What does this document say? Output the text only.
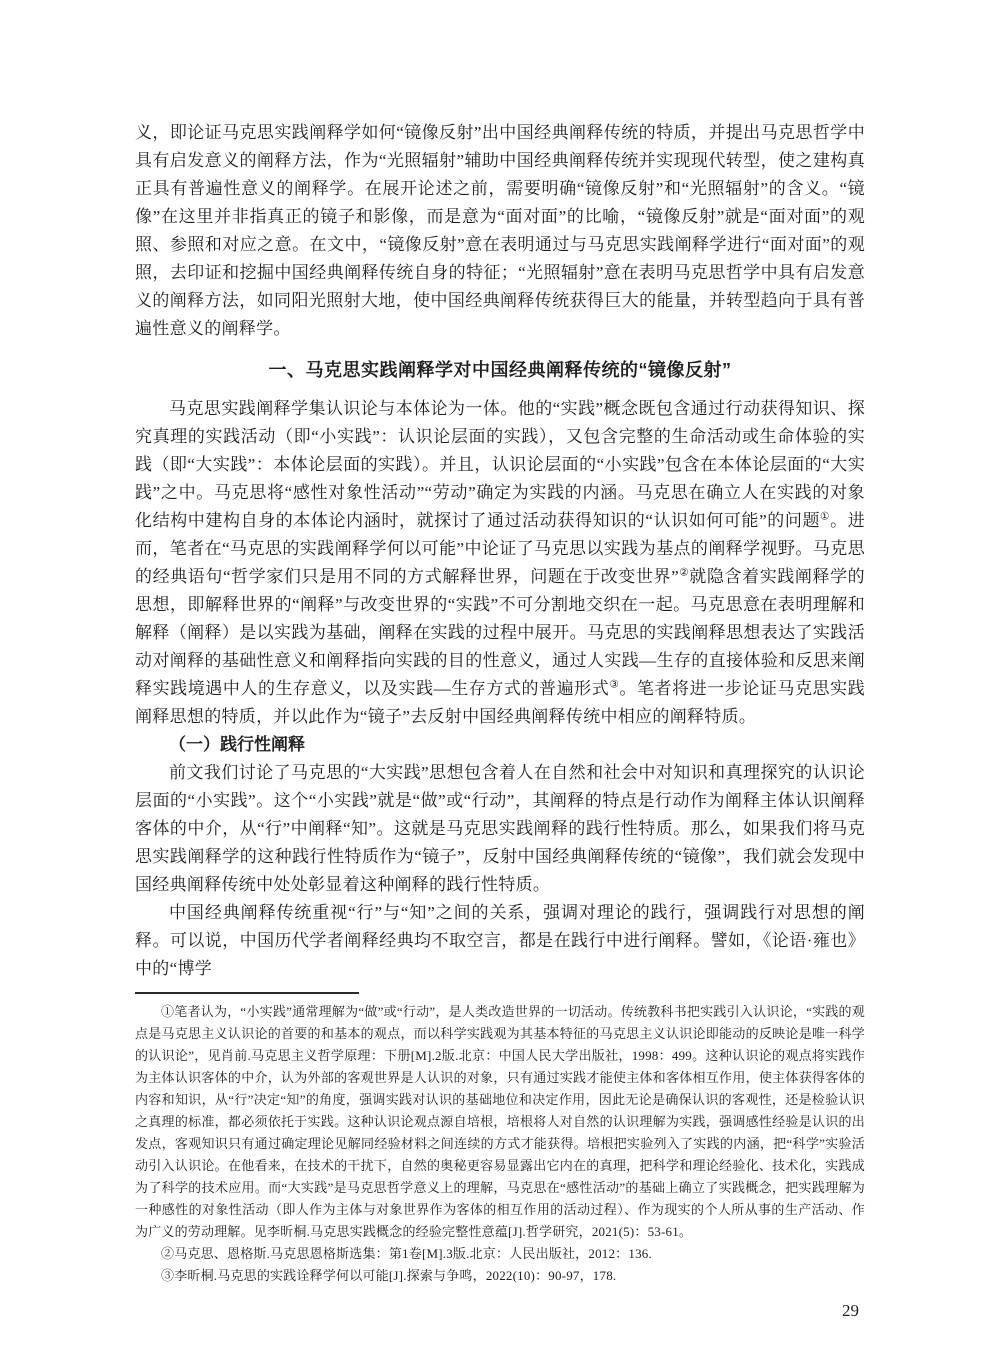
义，即论证马克思实践阐释学如何“镜像反射”出中国经典阐释传统的特质，并提出马克思哲学中具有启发意义的阐释方法，作为“光照辐射”辅助中国经典阐释传统并实现现代转型，使之建构真正具有普遍性意义的阐释学。在展开论述之前，需要明确“镜像反射”和“光照辐射”的含义。“镜像”在这里并非指真正的镜子和影像，而是意为“面对面”的比喻，“镜像反射”就是“面对面”的观照、参照和对应之意。在文中，“镜像反射”意在表明通过与马克思实践阐释学进行“面对面”的观照，去印证和挖掘中国经典阐释传统自身的特征；“光照辐射”意在表明马克思哲学中具有启发意义的阐释方法，如同阳光照射大地，使中国经典阐释传统获得巨大的能量，并转型趋向于具有普遍性意义的阐释学。

一、马克思实践阐释学对中国经典阐释传统的“镜像反射”

马克思实践阐释学集认识论与本体论为一体。他的“实践”概念既包含通过行动获得知识、探究真理的实践活动（即“小实践”：认识论层面的实践），又包含完整的生命活动或生命体验的实践（即“大实践”：本体论层面的实践）。并且，认识论层面的“小实践”包含在本体论层面的“大实践”之中。马克思将“感性对象性活动”“劳动”确定为实践的内涵。马克思在确立人在实践的对象化结构中建构自身的本体论内涵时，就探讨了通过活动获得知识的“认识如何可能”的问题①。进而，笔者在“马克思的实践阐释学何以可能”中论证了马克思以实践为基点的阐释学视野。马克思的经典语句“哲学家们只是用不同的方式解释世界，问题在于改变世界”②就隐含着实践阐释学的思想，即解释世界的“阐释”与改变世界的“实践”不可分割地交织在一起。马克思意在表明理解和解释（阐释）是以实践为基础，阐释在实践的过程中展开。马克思的实践阐释思想表达了实践活动对阐释的基础性意义和阐释指向实践的目的性意义，通过人实践—生存的直接体验和反思来阐释实践境遇中人的生存意义，以及实践—生存方式的普遍形式③。笔者将进一步论证马克思实践阐释思想的特质，并以此作为“镜子”去反射中国经典阐释传统中相应的阐释特质。

（一）践行性阐释

前文我们讨论了马克思的“大实践”思想包含着人在自然和社会中对知识和真理探究的认识论层面的“小实践”。这个“小实践”就是“做”或“行动”，其阐释的特点是行动作为阐释主体认识阐释客体的中介，从“行”中阐释“知”。这就是马克思实践阐释的践行性特质。那么，如果我们将马克思实践阐释学的这种践行性特质作为“镜子”，反射中国经典阐释传统的“镜像”，我们就会发现中国经典阐释传统中处处彰显着这种阐释的践行性特质。

中国经典阐释传统重视“行”与“知”之间的关系，强调对理论的践行，强调践行对思想的阐释。可以说，中国历代学者阐释经典均不取空言，都是在践行中进行阐释。譬如，《论语·雍也》中的“博学

①笔者认为，“小实践”通常理解为“做”或“行动”，是人类改造世界的一切活动。传统教科书把实践引入认识论，“实践的观点是马克思主义认识论的首要的和基本的观点，而以科学实践观为其基本特征的马克思主义认识论即能动的反映论是唯一科学的认识论”，见肖前.马克思主义哲学原理：下册[M].2版.北京：中国人民大学出版社，1998：499。这种认识论的观点将实践作为主体认识客体的中介，认为外部的客观世界是人认识的对象，只有通过实践才能使主体和客体相互作用，使主体获得客体的内容和知识，从“行”决定“知”的角度，强调实践对认识的基础地位和决定作用，因此无论是确保认识的客观性，还是检验认识之真理的标准，都必须依托于实践。这种认识论观点源自培根，培根将人对自然的认识理解为实践，强调感性经验是认识的出发点，客观知识只有通过确定理论见解同经验材料之间连续的方式才能获得。培根把实验列入了实践的内涵，把“科学”实验活动引入认识论。在他看来，在技术的干扰下，自然的奥秘更容易显露出它内在的真理，把科学和理论经验化、技术化，实践成为了科学的技术应用。而“大实践”是马克思哲学意义上的理解，马克思在“感性活动”的基础上确立了实践概念，把实践理解为一种感性的对象性活动（即人作为主体与对象世界作为客体的相互作用的活动过程）、作为现实的个人所从事的生产活动、作为广义的劳动理解。见李昕桐.马克思实践概念的经验完整性意蕴[J].哲学研究，2021(5)：53-61。

②马克思、恩格斯.马克思恩格斯选集：第1卷[M].3版.北京：人民出版社，2012：136.

③李昕桐.马克思的实践诠释学何以可能[J].探索与争鸣，2022(10)：90-97，178.

29
